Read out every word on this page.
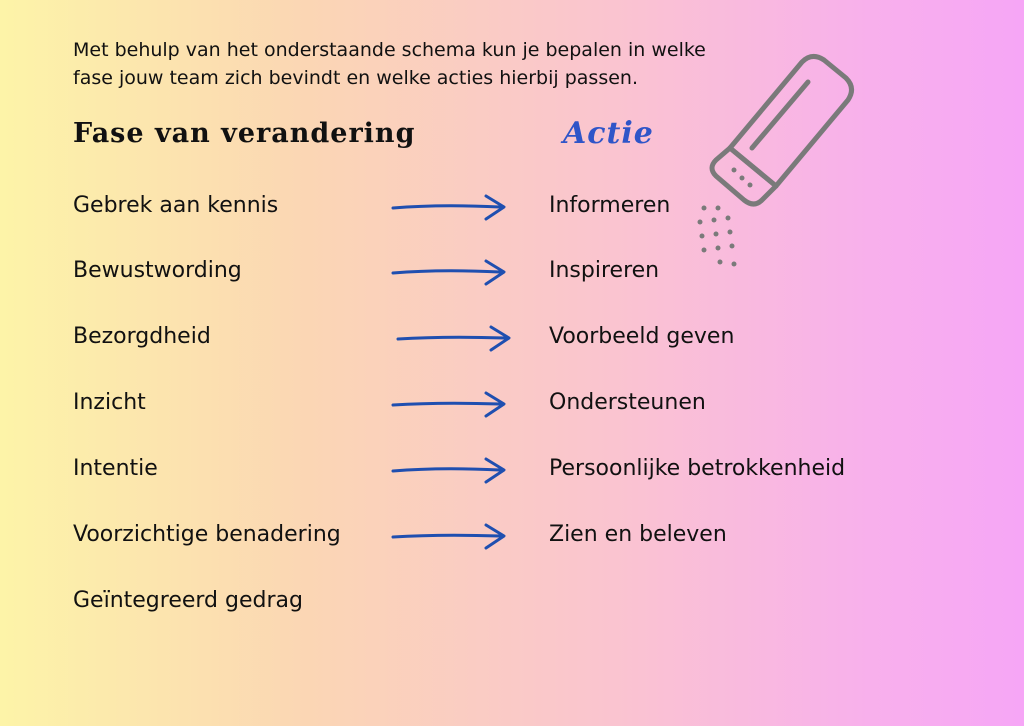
Met behulp van het onderstaande schema kun je bepalen in welke
fase jouw team zich bevindt en welke acties hierbij passen.

Fase van verandering	Actie
Gebrek aan kennis	Informeren
Bewustwording	Inspireren
Bezorgdheid	Voorbeeld geven
Inzicht	Ondersteunen
Intentie	Persoonlijke betrokkenheid
Voorzichtige benadering	Zien en beleven
Geïntegreerd gedrag
